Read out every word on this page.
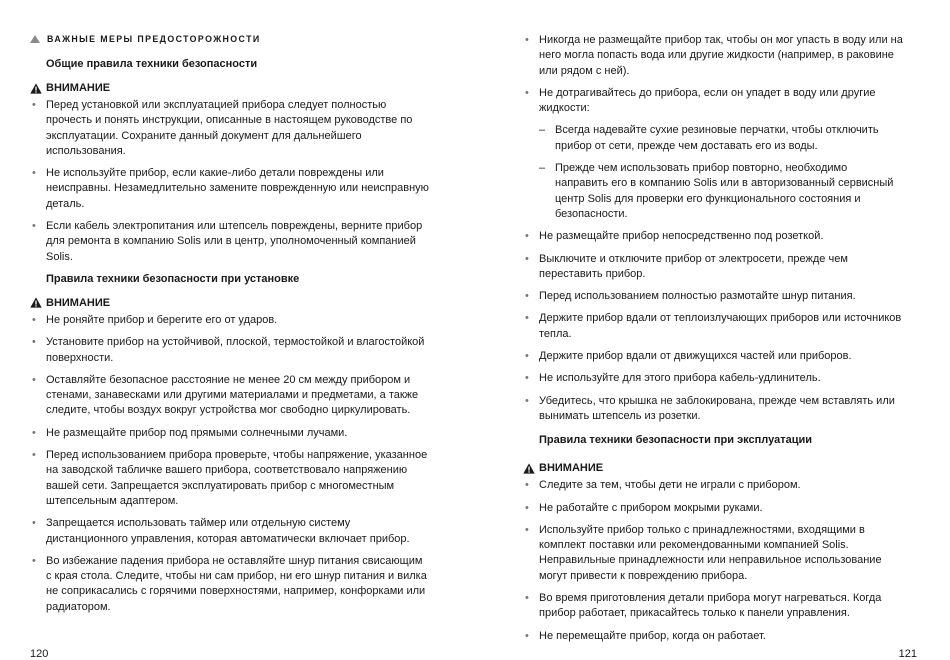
ВАЖНЫЕ МЕРЫ ПРЕДОСТОРОЖНОСТИ
Общие правила техники безопасности
ВНИМАНИЕ
• Перед установкой или эксплуатацией прибора следует полностью прочесть и понять инструкции, описанные в настоящем руководстве по эксплуатации. Сохраните данный документ для дальнейшего использования.
• Не используйте прибор, если какие-либо детали повреждены или неисправны. Незамедлительно замените поврежденную или неисправную деталь.
• Если кабель электропитания или штепсель повреждены, верните прибор для ремонта в компанию Solis или в центр, уполномоченный компанией Solis.
Правила техники безопасности при установке
ВНИМАНИЕ
• Не роняйте прибор и берегите его от ударов.
• Установите прибор на устойчивой, плоской, термостойкой и влагостойкой поверхности.
• Оставляйте безопасное расстояние не менее 20 см между прибором и стенами, занавесками или другими материалами и предметами, а также следите, чтобы воздух вокруг устройства мог свободно циркулировать.
• Не размещайте прибор под прямыми солнечными лучами.
• Перед использованием прибора проверьте, чтобы напряжение, указанное на заводской табличке вашего прибора, соответствовало напряжению вашей сети. Запрещается эксплуатировать прибор с многоместным штепсельным адаптером.
• Запрещается использовать таймер или отдельную систему дистанционного управления, которая автоматически включает прибор.
• Во избежание падения прибора не оставляйте шнур питания свисающим с края стола. Следите, чтобы ни сам прибор, ни его шнур питания и вилка не соприкасались с горячими поверхностями, например, конфорками или радиатором.
120
• Никогда не размещайте прибор так, чтобы он мог упасть в воду или на него могла попасть вода или другие жидкости (например, в раковине или рядом с ней).
• Не дотрагивайтесь до прибора, если он упадет в воду или другие жидкости:
– Всегда надевайте сухие резиновые перчатки, чтобы отключить прибор от сети, прежде чем доставать его из воды.
– Прежде чем использовать прибор повторно, необходимо направить его в компанию Solis или в авторизованный сервисный центр Solis для проверки его функционального состояния и безопасности.
• Не размещайте прибор непосредственно под розеткой.
• Выключите и отключите прибор от электросети, прежде чем переставить прибор.
• Перед использованием полностью размотайте шнур питания.
• Держите прибор вдали от теплоизлучающих приборов или источников тепла.
• Держите прибор вдали от движущихся частей или приборов.
• Не используйте для этого прибора кабель-удлинитель.
• Убедитесь, что крышка не заблокирована, прежде чем вставлять или вынимать штепсель из розетки.
Правила техники безопасности при эксплуатации
ВНИМАНИЕ
• Следите за тем, чтобы дети не играли с прибором.
• Не работайте с прибором мокрыми руками.
• Используйте прибор только с принадлежностями, входящими в комплект поставки или рекомендованными компанией Solis. Неправильные принадлежности или неправильное использование могут привести к повреждению прибора.
• Во время приготовления детали прибора могут нагреваться. Когда прибор работает, прикасайтесь только к панели управления.
• Не перемещайте прибор, когда он работает.
121
